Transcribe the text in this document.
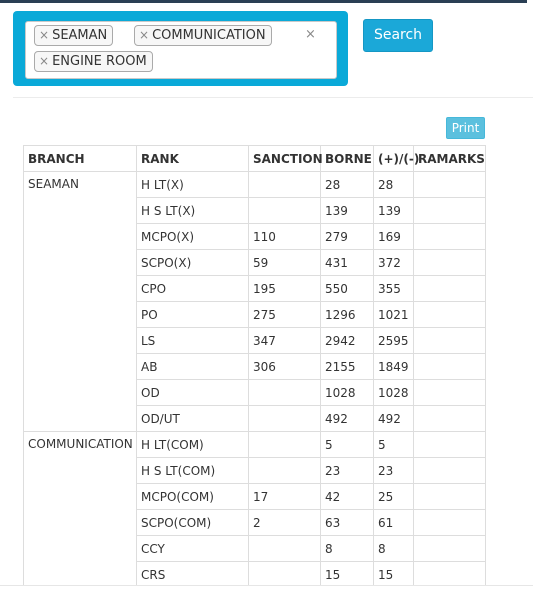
× SEAMAN	× COMMUNICATION
× ENGINE ROOM
×	Search
Print
BRANCH	RANK	SANCTION	BORNE	(+)/(-)	RAMARKS
SEAMAN	H LT(X)		28	28	
	H S LT(X)		139	139	
	MCPO(X)	110	279	169	
	SCPO(X)	59	431	372	
	CPO	195	550	355	
	PO	275	1296	1021	
	LS	347	2942	2595	
	AB	306	2155	1849	
	OD		1028	1028	
	OD/UT		492	492	
COMMUNICATION	H LT(COM)		5	5	
	H S LT(COM)		23	23	
	MCPO(COM)	17	42	25	
	SCPO(COM)	2	63	61	
	CCY		8	8	
	CRS		15	15	
